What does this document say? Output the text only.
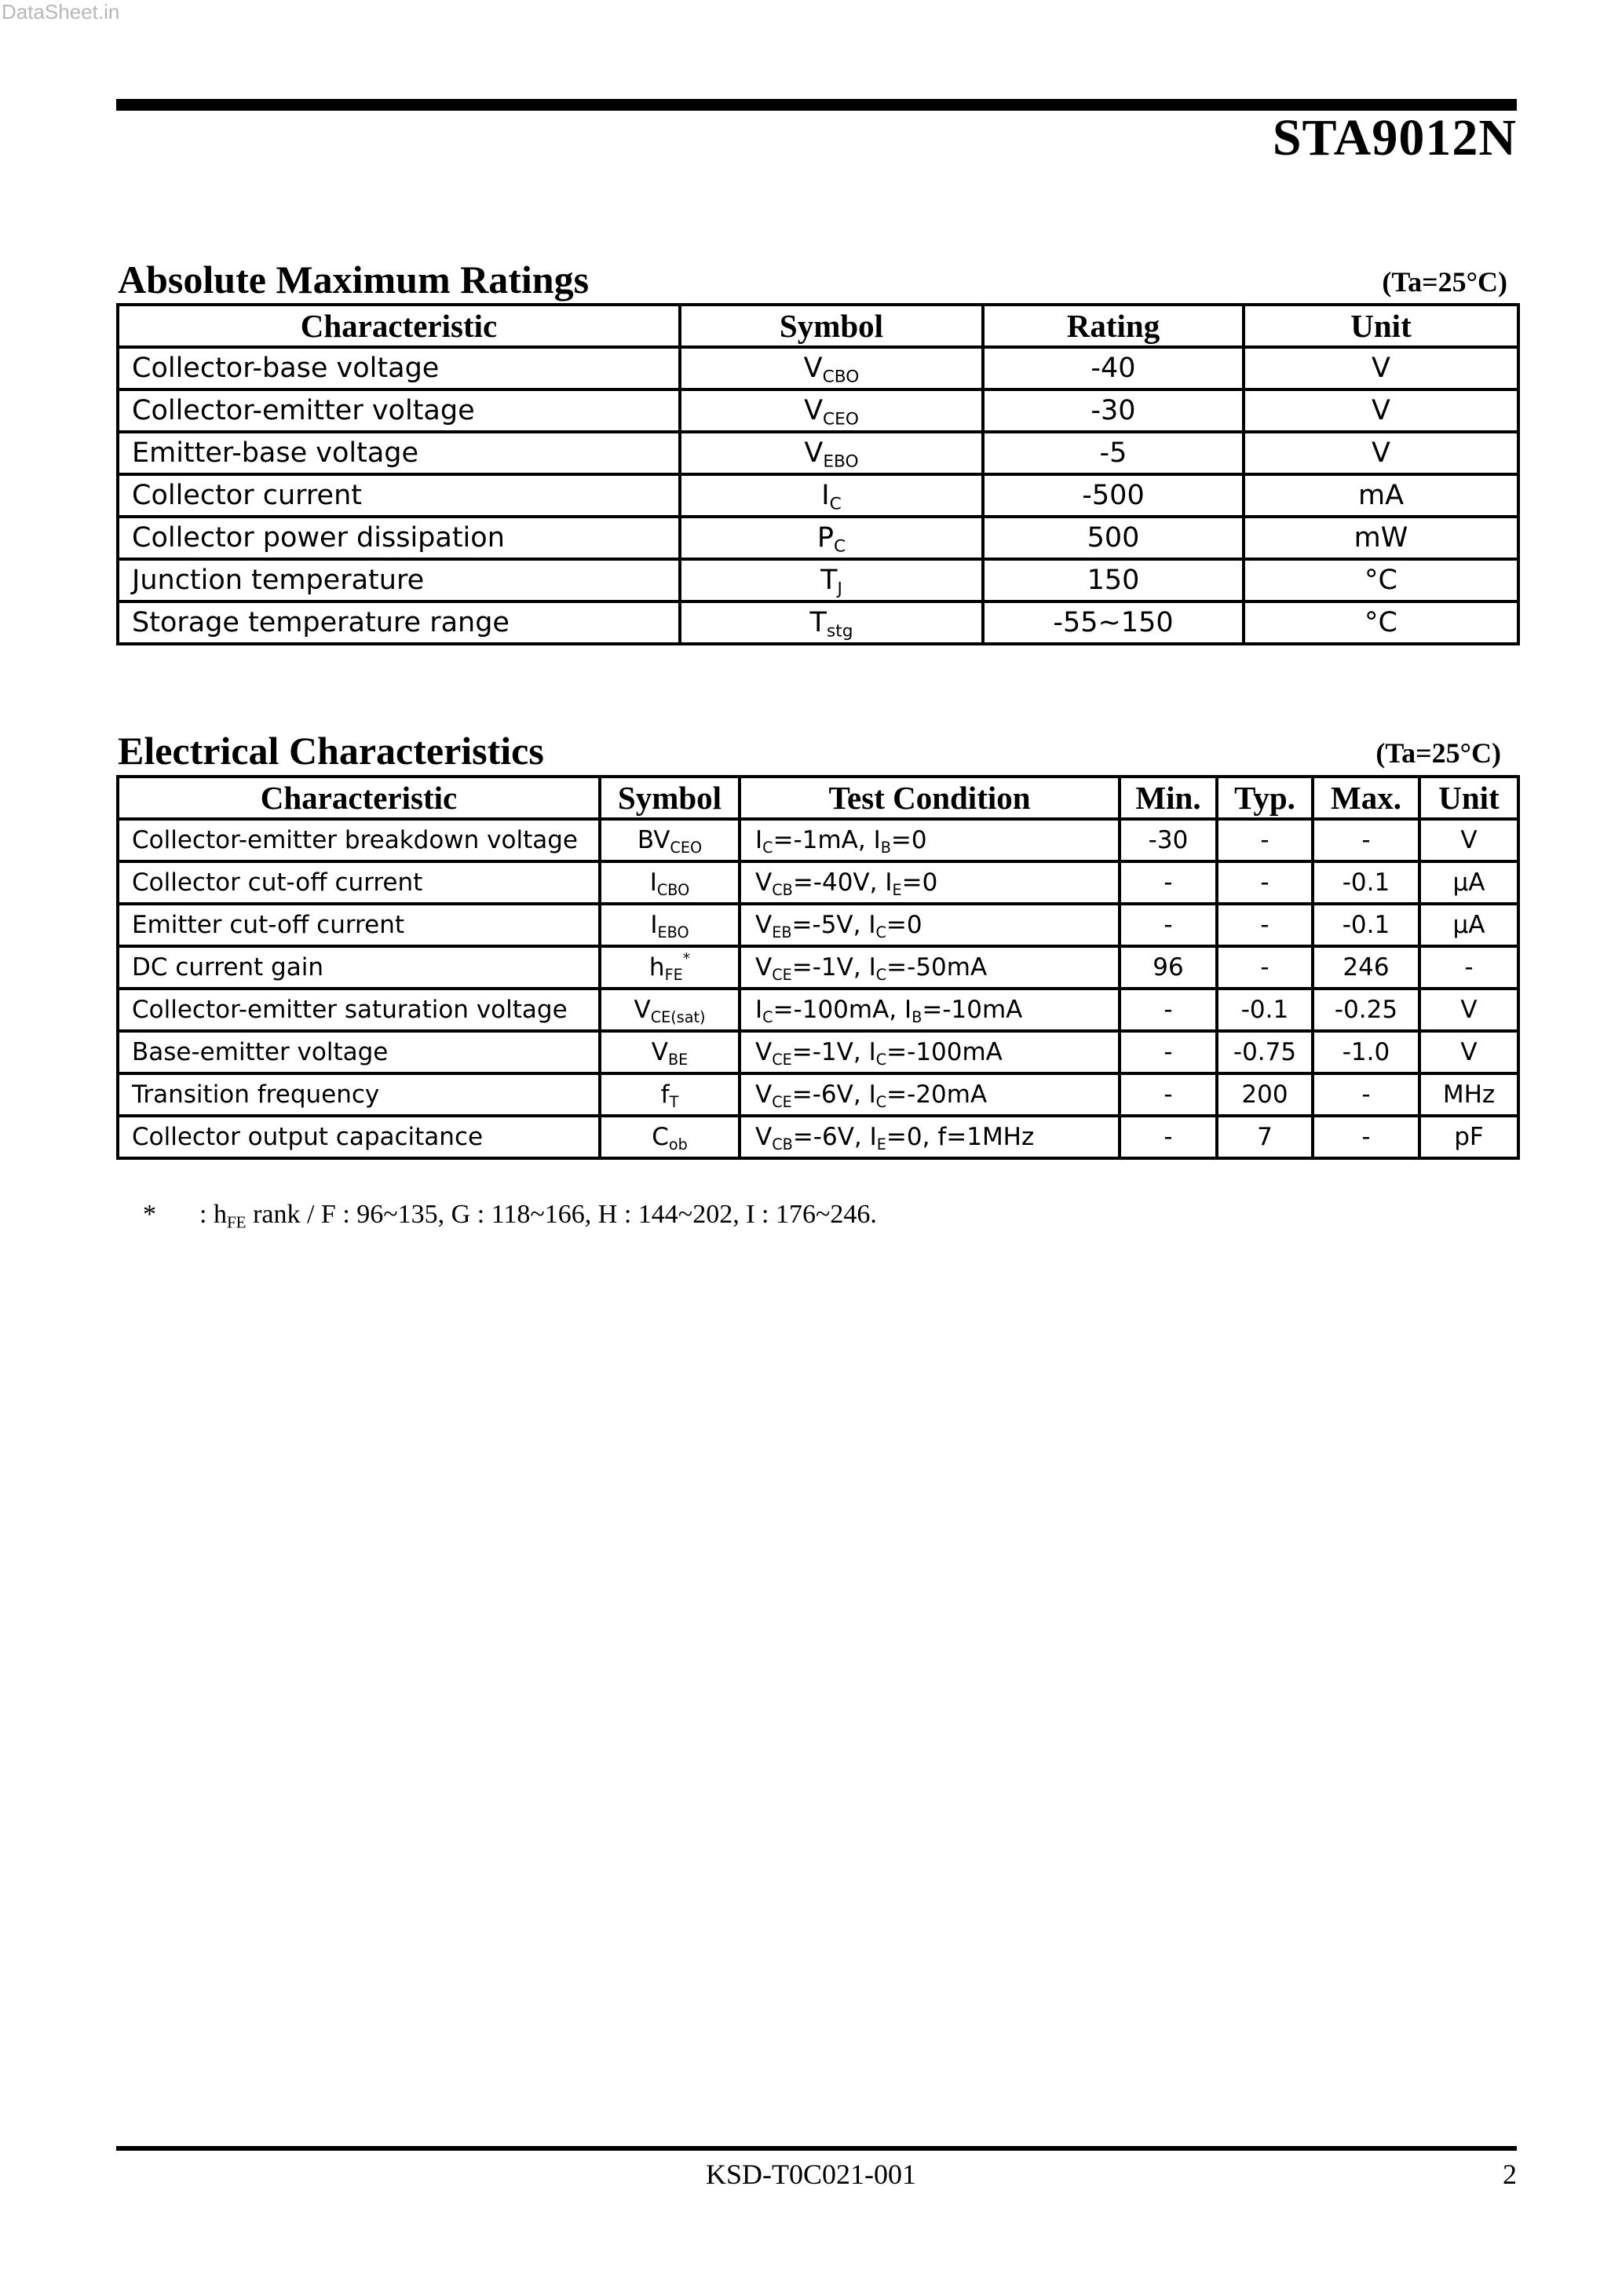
DataSheet.in
STA9012N
Absolute Maximum Ratings	(Ta=25°C)
Characteristic	Symbol	Rating	Unit
Collector-base voltage	$V_{CBO}$	-40	V
Collector-emitter voltage	$V_{CEO}$	-30	V
Emitter-base voltage	$V_{EBO}$	-5	V
Collector current	$I_C$	-500	mA
Collector power dissipation	$P_C$	500	mW
Junction temperature	$T_J$	150	°C
Storage temperature range	$T_{stg}$	-55~150	°C
Electrical Characteristics	(Ta=25°C)
Characteristic	Symbol	Test Condition	Min.	Typ.	Max.	Unit
Collector-emitter breakdown voltage	$BV_{CEO}$	$I_C=-1mA$, $I_B=0$	-30	-	-	V
Collector cut-off current	$I_{CBO}$	$V_{CB}=-40V$, $I_E=0$	-	-	-0.1	μA
Emitter cut-off current	$I_{EBO}$	$V_{EB}=-5V$, $I_C=0$	-	-	-0.1	μA
DC current gain	$h_{FE}^*$	$V_{CE}=-1V$, $I_C=-50mA$	96	-	246	-
Collector-emitter saturation voltage	$V_{CE(sat)}$	$I_C=-100mA$, $I_B=-10mA$	-	-0.1	-0.25	V
Base-emitter voltage	$V_{BE}$	$V_{CE}=-1V$, $I_C=-100mA$	-	-0.75	-1.0	V
Transition frequency	$f_T$	$V_{CE}=-6V$, $I_C=-20mA$	-	200	-	MHz
Collector output capacitance	$C_{ob}$	$V_{CB}=-6V$, $I_E=0$, f=1MHz	-	7	-	pF
* : $h_{FE}$ rank / F : 96~135, G : 118~166, H : 144~202, I : 176~246.
KSD-T0C021-001	2
